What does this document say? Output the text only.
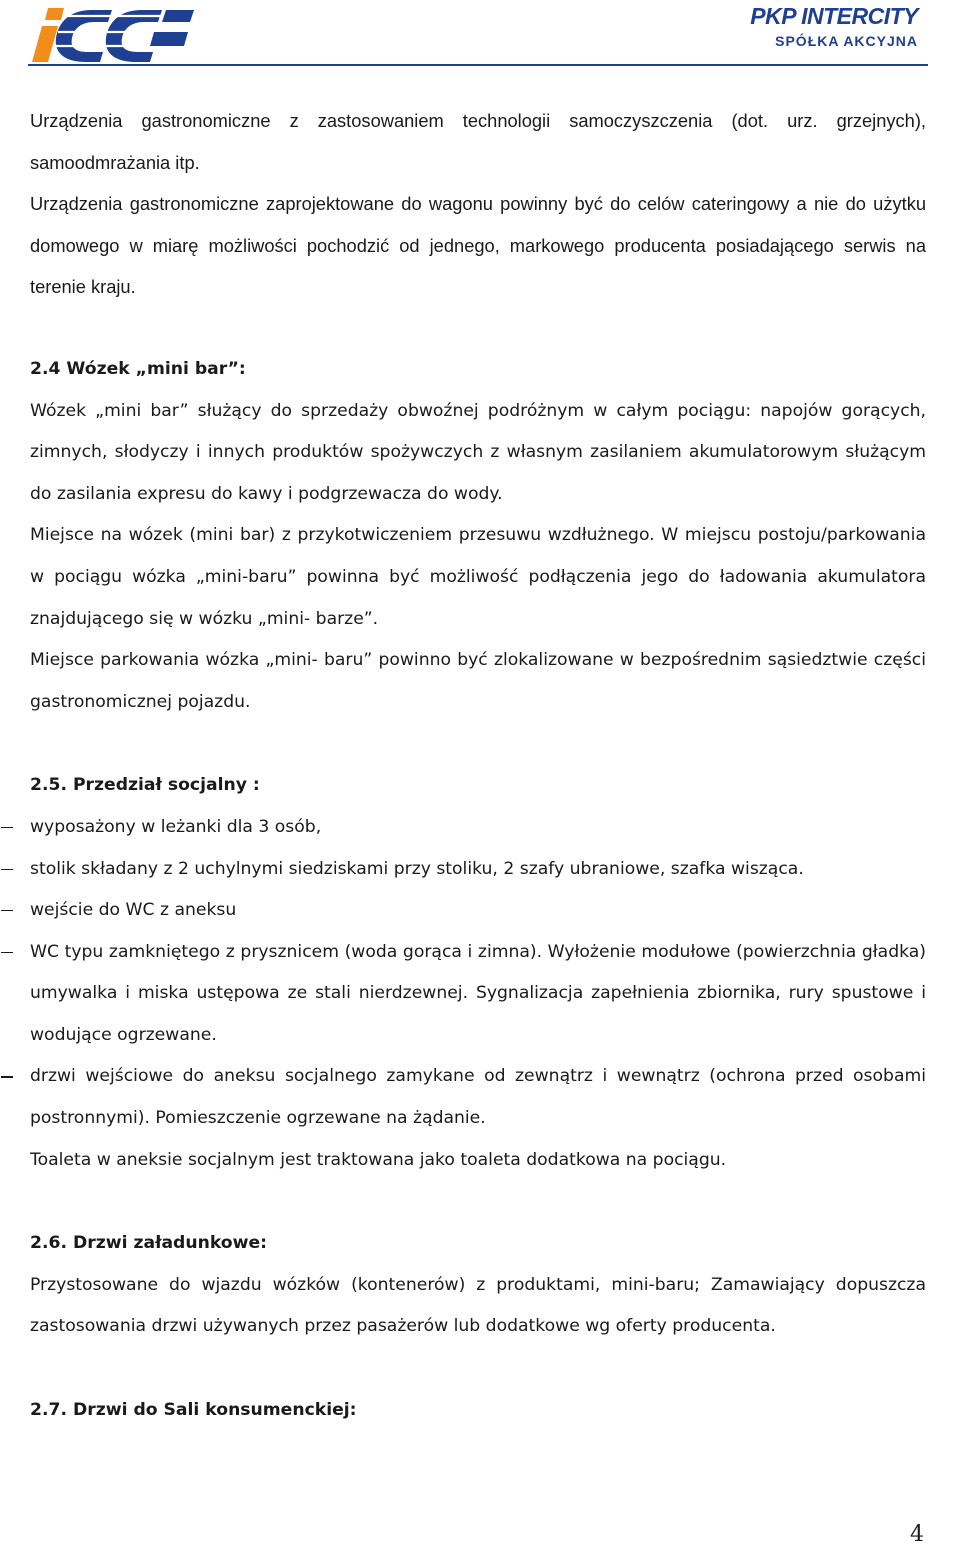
PKP INTERCITY
SPÓŁKA AKCYJNA

Urządzenia gastronomiczne z zastosowaniem technologii samoczyszczenia (dot. urz. grzejnych), samoodmrażania itp.

Urządzenia gastronomiczne zaprojektowane do wagonu powinny być do celów cateringowy a nie do użytku domowego w miarę możliwości pochodzić od jednego, markowego producenta posiadającego serwis na terenie kraju.

2.4 Wózek „mini bar”:

Wózek „mini bar” służący do sprzedaży obwoźnej podróżnym w całym pociągu: napojów gorących, zimnych, słodyczy i innych produktów spożywczych z własnym zasilaniem akumulatorowym służącym do zasilania expresu do kawy i podgrzewacza do wody.

Miejsce na wózek (mini bar) z przykotwiczeniem przesuwu wzdłużnego. W miejscu postoju/parkowania w pociągu wózka „mini-baru” powinna być możliwość podłączenia jego do ładowania akumulatora znajdującego się w wózku „mini- barze”.

Miejsce parkowania wózka „mini- baru” powinno być zlokalizowane w bezpośrednim sąsiedztwie części gastronomicznej pojazdu.

2.5. Przedział socjalny :

wyposażony w leżanki dla 3 osób,
stolik składany z 2 uchylnymi siedziskami przy stoliku, 2 szafy ubraniowe, szafka wisząca.
wejście do WC z aneksu
WC typu zamkniętego z prysznicem (woda gorąca i zimna). Wyłożenie modułowe (powierzchnia gładka) umywalka i miska ustępowa ze stali nierdzewnej. Sygnalizacja zapełnienia zbiornika, rury spustowe i wodujące ogrzewane.
drzwi wejściowe do aneksu socjalnego zamykane od zewnątrz i wewnątrz (ochrona przed osobami postronnymi). Pomieszczenie ogrzewane na żądanie.

Toaleta w aneksie socjalnym jest traktowana jako toaleta dodatkowa na pociągu.

2.6. Drzwi załadunkowe:

Przystosowane do wjazdu wózków (kontenerów) z produktami, mini-baru; Zamawiający dopuszcza zastosowania drzwi używanych przez pasażerów lub dodatkowe wg oferty producenta.

2.7. Drzwi do Sali konsumenckiej:

4
